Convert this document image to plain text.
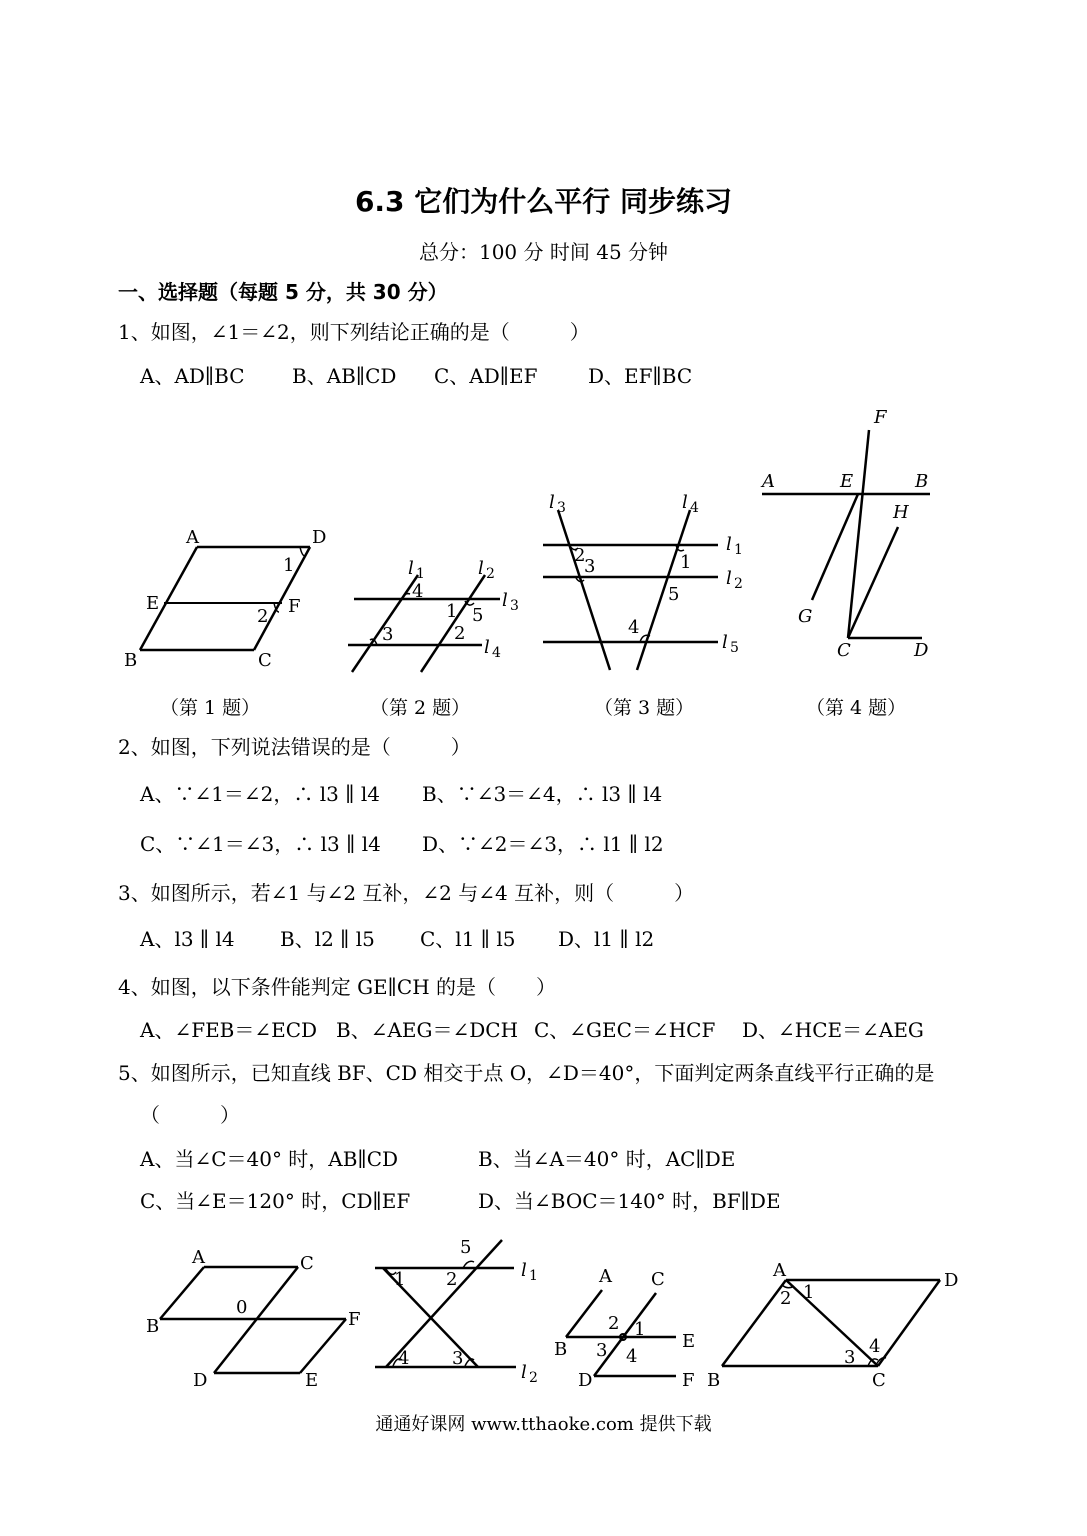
6.3 它们为什么平行 同步练习
总分：100 分 时间 45 分钟
一、选择题（每题 5 分，共 30 分）
1、如图，∠1＝∠2，则下列结论正确的是（　　　）
A、AD∥BC B、AB∥CD C、AD∥EF	D、EF∥BC
A	D
E	F
B	C
1
2
l 1	l 2
l 3
l 4
4
1 5
3	2
l 3	l 4
l 1
l 2
l 5
2
3	1
5
4
F
A	E	B
H
G
C	D
（第 1 题）	（第 2 题）	（第 3 题）	（第 4 题）
2、如图，下列说法错误的是（　　　）
A、∵∠1＝∠2，∴ l3 ∥ l4 B、∵∠3＝∠4，∴ l3 ∥ l4
C、∵∠1＝∠3，∴ l3 ∥ l4 D、∵∠2＝∠3，∴ l1 ∥ l2
3、如图所示，若∠1 与∠2 互补，∠2 与∠4 互补，则（　　　）
A、l3 ∥ l4 B、l2 ∥ l5 C、l1 ∥ l5 D、l1 ∥ l2
4、如图，以下条件能判定 GE∥CH 的是（　　）
A、∠FEB＝∠ECD B、∠AEG＝∠DCH C、∠GEC＝∠HCF D、∠HCE＝∠AEG
5、如图所示，已知直线 BF、CD 相交于点 O，∠D＝40°，下面判定两条直线平行正确的是
（　　　）
A、当∠C＝40° 时，AB∥CD	B、当∠A＝40° 时，AC∥DE
C、当∠E＝120° 时，CD∥EF	D、当∠BOC＝140° 时，BF∥DE
A	C
B
0
F
D	E
5
1 2	l 1
4 3
l 2
A C
2 1
B 3 4
E
D	F
A	D
2 1
3
4
B	C
通通好课网 www.tthaoke.com 提供下载
